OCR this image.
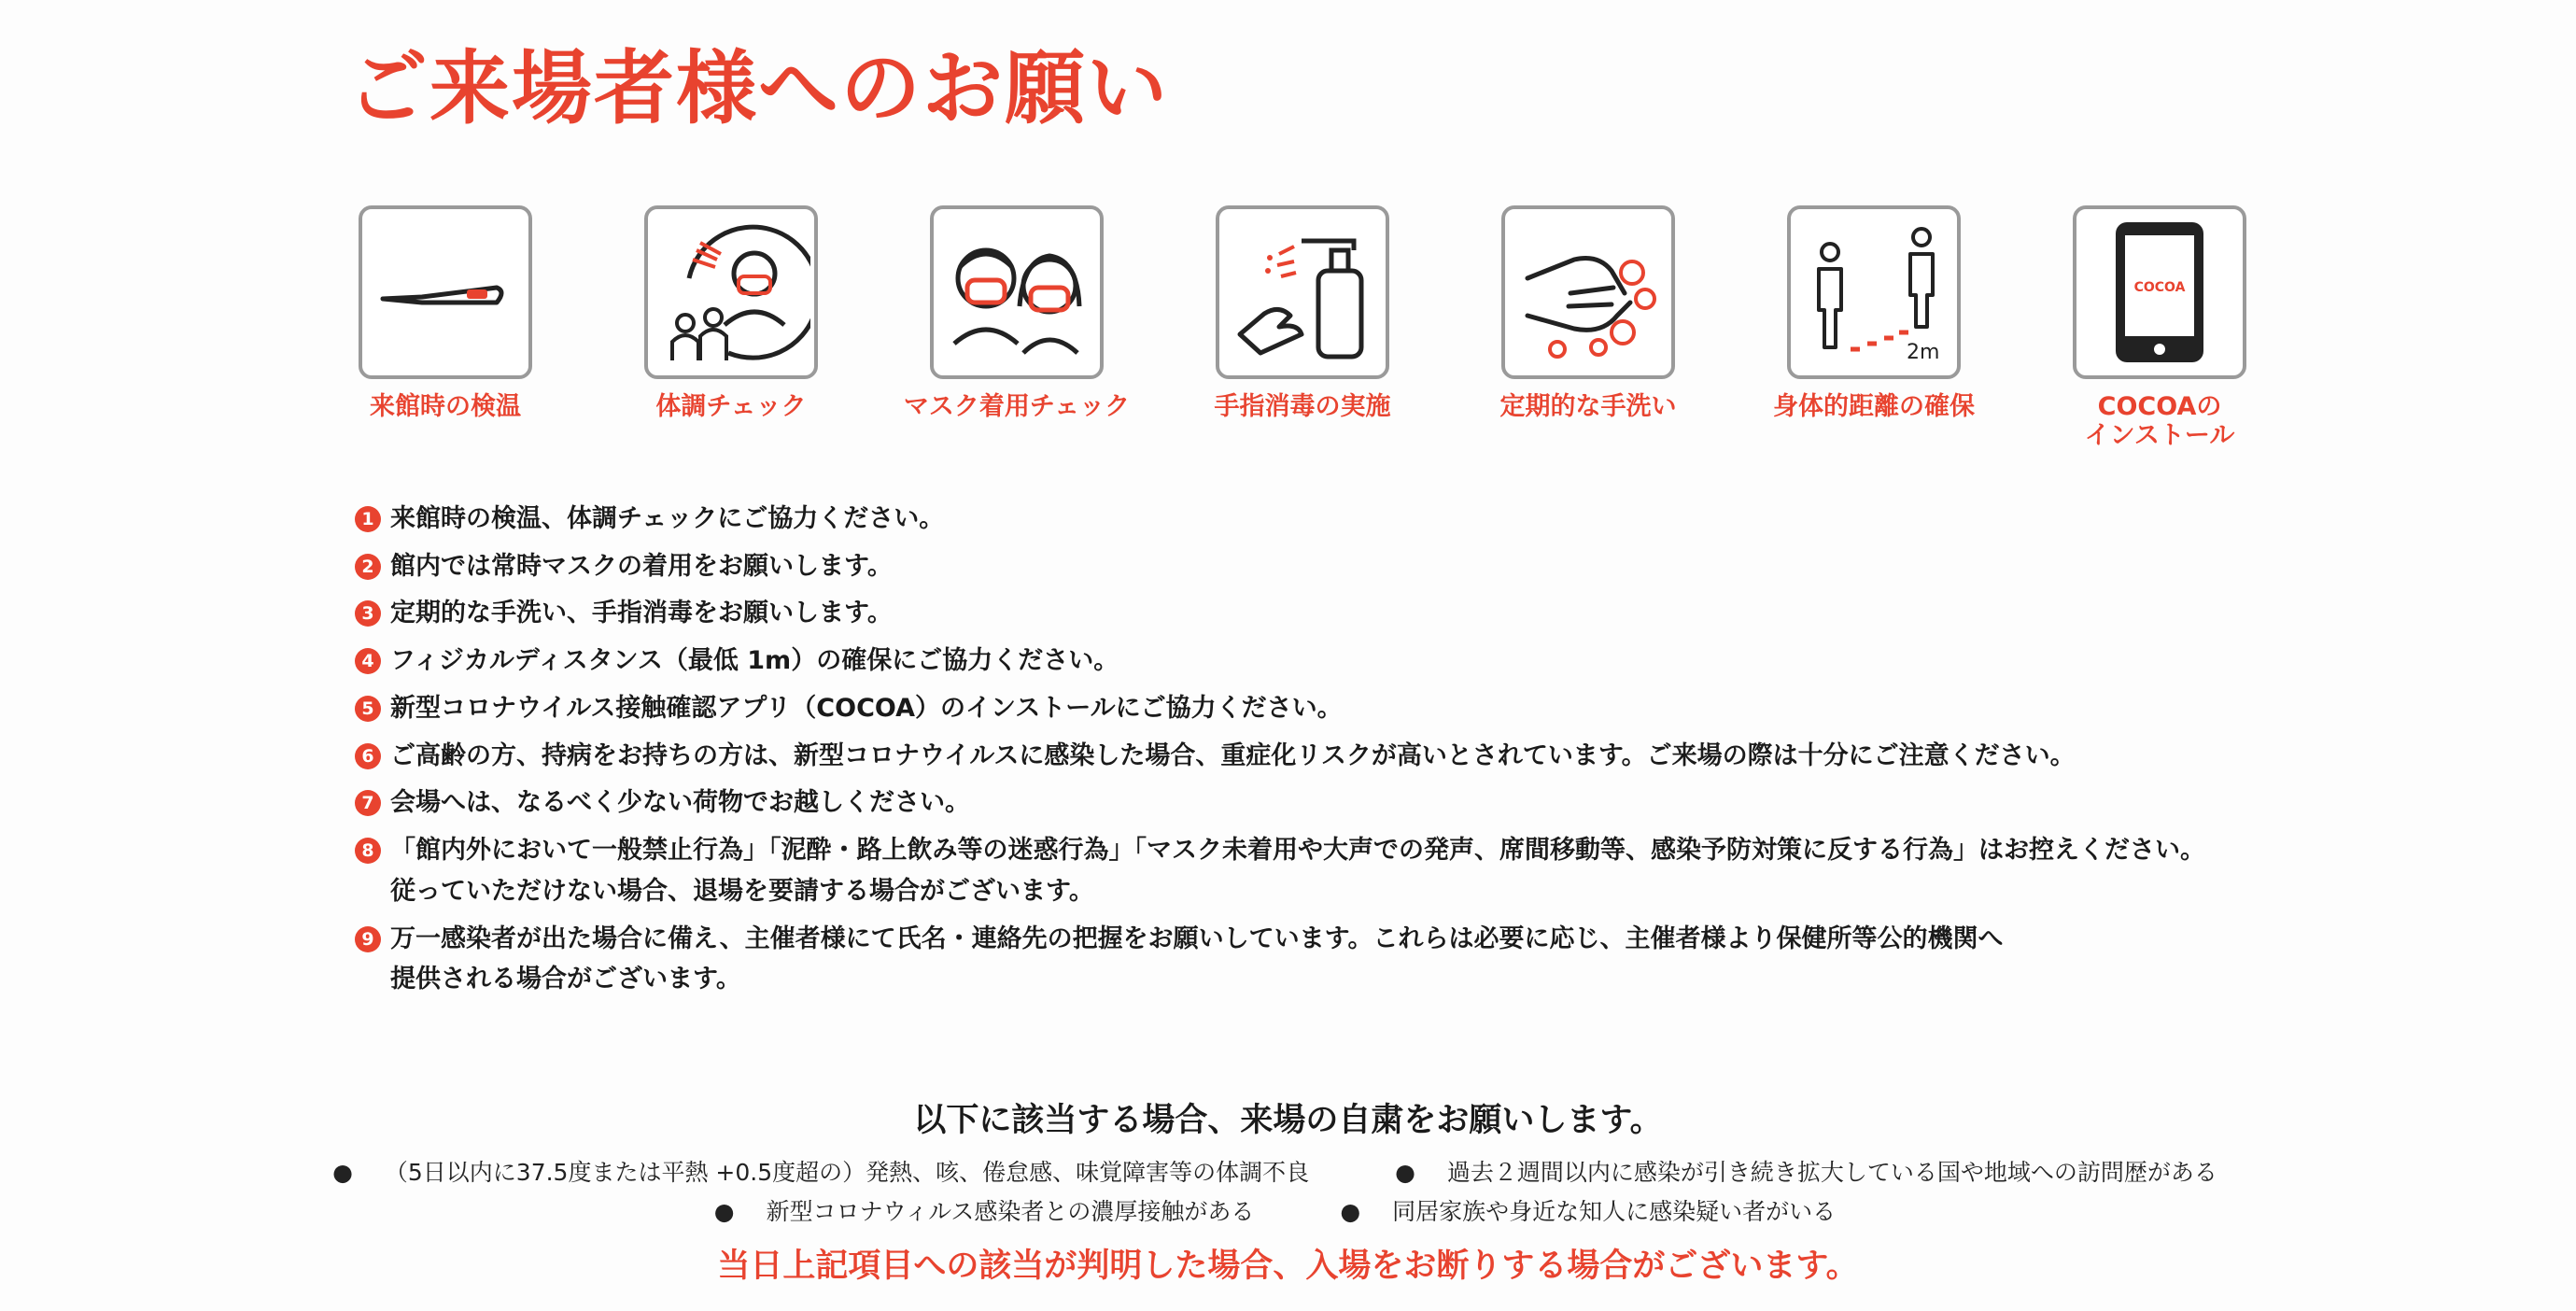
ご来場者様へのお願い
来館時の検温	体調チェック	マスク着用チェック	手指消毒の実施	定期的な手洗い
2m
身体的距離の確保
COCOA
COCOAの
インストール
1 来館時の検温、体調チェックにご協力ください。
2 館内では常時マスクの着用をお願いします。
3 定期的な手洗い、手指消毒をお願いします。
4 フィジカルディスタンス（最低 1m）の確保にご協力ください。
5 新型コロナウイルス接触確認アプリ（COCOA）のインストールにご協力ください。
6 ご高齢の方、持病をお持ちの方は、新型コロナウイルスに感染した場合、重症化リスクが高いとされています。ご来場の際は十分にご注意ください。
7 会場へは、なるべく少ない荷物でお越しください。
8 「館内外において一般禁止行為」「泥酔・路上飲み等の迷惑行為」「マスク未着用や大声での発声、席間移動等、感染予防対策に反する行為」はお控えください。
従っていただけない場合、退場を要請する場合がございます。
9 万一感染者が出た場合に備え、主催者様にて氏名・連絡先の把握をお願いしています。これらは必要に応じ、主催者様より保健所等公的機関へ
提供される場合がございます。
以下に該当する場合、来場の自粛をお願いします。
● （5日以内に37.5度または平熱 +0.5度超の）発熱、咳、倦怠感、味覚障害等の体調不良	● 過去２週間以内に感染が引き続き拡大している国や地域への訪問歴がある
● 新型コロナウィルス感染者との濃厚接触がある	● 同居家族や身近な知人に感染疑い者がいる
当日上記項目への該当が判明した場合、入場をお断りする場合がございます。
